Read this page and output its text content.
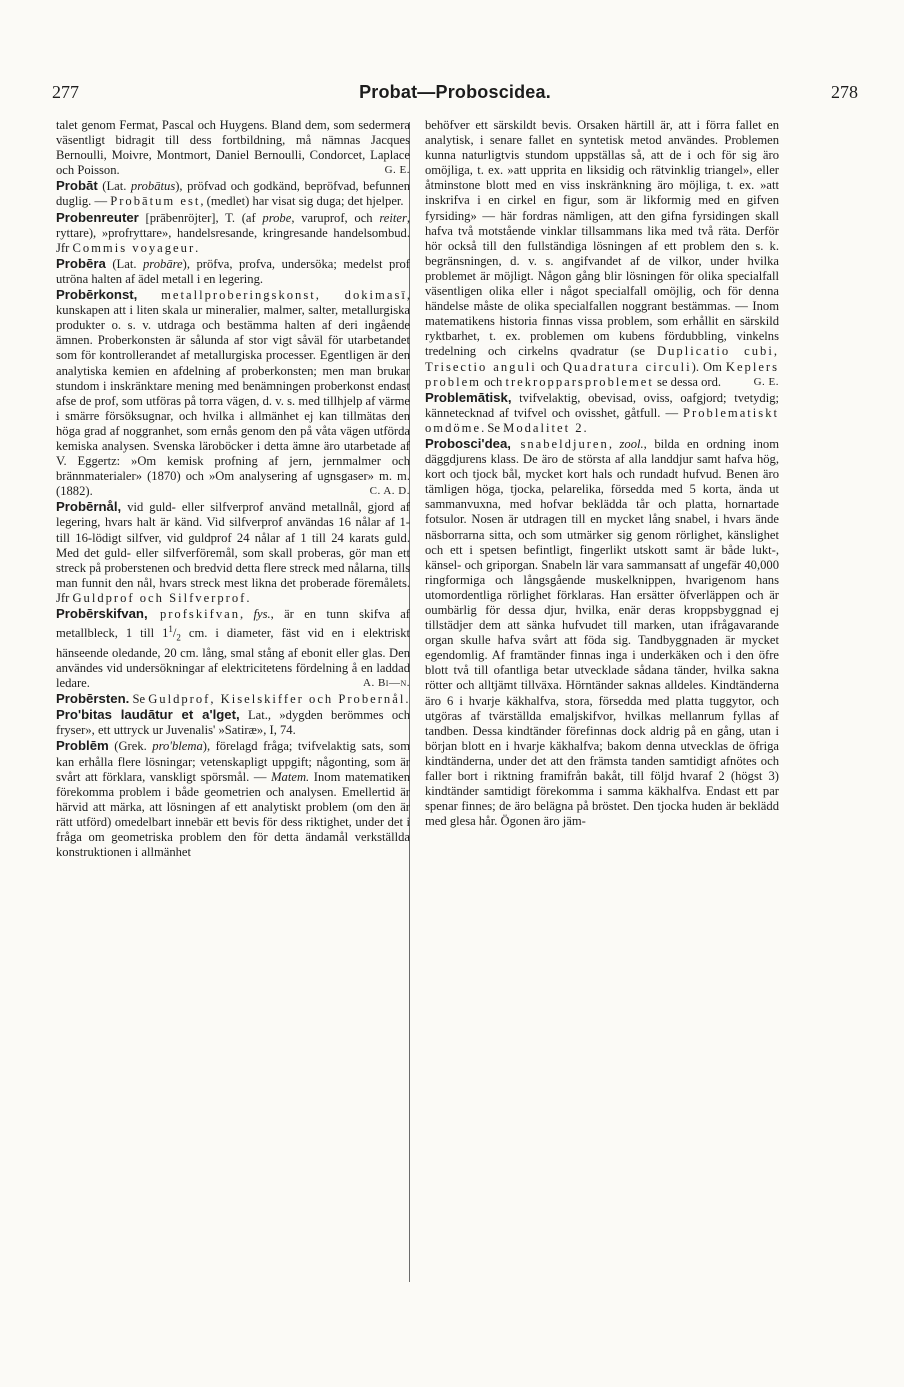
277	Probat—Proboscidea.	278

talet genom Fermat, Pascal och Huygens. Bland dem, som sedermera väsentligt bidragit till dess fortbildning, må nämnas Jacques Bernoulli, Moivre, Montmort, Daniel Bernoulli, Condorcet, Laplace och Poisson.	G. E.

Probāt (Lat. probātus), pröfvad och godkänd, bepröfvad, befunnen duglig. — Probātum est, (medlet) har visat sig duga; det hjelper.

Probenreuter [prābenröjter], T. (af probe, varuprof, och reiter, ryttare), »profryttare», handelsresande, kringresande handelsombud. Jfr Commis voyageur.

Probēra (Lat. probāre), pröfva, profva, undersöka; medelst prof utröna halten af ädel metall i en legering.

Probērkonst, metallproberingskonst, dokimasī, kunskapen att i liten skala ur mineralier, malmer, salter, metallurgiska produkter o. s. v. utdraga och bestämma halten af deri ingående ämnen. Proberkonsten är sålunda af stor vigt såväl för utarbetandet som för kontrollerandet af metallurgiska processer. Egentligen är den analytiska kemien en afdelning af proberkonsten; men man brukar stundom i inskränktare mening med benämningen proberkonst endast afse de prof, som utföras på torra vägen, d. v. s. med tillhjelp af värme i smärre försöksugnar, och hvilka i allmänhet ej kan tillmätas den höga grad af noggranhet, som ernås genom den på våta vägen utförda kemiska analysen. Svenska läroböcker i detta ämne äro utarbetade af V. Eggertz: »Om kemisk profning af jern, jernmalmer och brännmaterialer» (1870) och »Om analysering af ugnsgaser» m. m. (1882).	C. A. D.

Probērnål, vid guld- eller silfverprof använd metallnål, gjord af legering, hvars halt är känd. Vid silfverprof användas 16 nålar af 1- till 16-lödigt silfver, vid guldprof 24 nålar af 1 till 24 karats guld. Med det guld- eller silfverföremål, som skall proberas, gör man ett streck på proberstenen och bredvid detta flere streck med nålarna, tills man funnit den nål, hvars streck mest likna det proberade föremålets. Jfr Guldprof och Silfverprof.

Probērskifvan, profskifvan, fys., är en tunn skifva af metallbleck, 1 till $1^1/_2$ cm. i diameter, fäst vid en i elektriskt hänseende oledande, 20 cm. lång, smal stång af ebonit eller glas. Den användes vid undersökningar af elektricitetens fördelning å en laddad ledare.	A. Bi—n.

Probērsten. Se Guldprof, Kiselskiffer och Probernål.

Pro'bitas laudātur et a'lget, Lat., »dygden berömmes och fryser», ett uttryck ur Juvenalis' »Satiræ», I, 74.

Problēm (Grek. pro'blema), förelagd fråga; tvifvelaktig sats, som kan erhålla flere lösningar; vetenskapligt uppgift; någonting, som är svårt att förklara, vanskligt spörsmål. — Matem. Inom matematiken förekomma problem i både geometrien och analysen. Emellertid är härvid att märka, att lösningen af ett analytiskt problem (om den är rätt utförd) omedelbart innebär ett bevis för dess riktighet, under det i fråga om geometriska problem den för detta ändamål verkställda konstruktionen i allmänhet

behöfver ett särskildt bevis. Orsaken härtill är, att i förra fallet en analytisk, i senare fallet en syntetisk metod användes. Problemen kunna naturligtvis stundom uppställas så, att de i och för sig äro omöjliga, t. ex. »att upprita en liksidig och rätvinklig triangel», eller åtminstone blott med en viss inskränkning äro möjliga, t. ex. »att inskrifva i en cirkel en figur, som är likformig med en gifven fyrsiding» — här fordras nämligen, att den gifna fyrsidingen skall hafva två motstående vinklar tillsammans lika med två räta. Derför hör också till den fullständiga lösningen af ett problem den s. k. begränsningen, d. v. s. angifvandet af de vilkor, under hvilka problemet är möjligt. Någon gång blir lösningen för olika specialfall väsentligen olika eller i något specialfall omöjlig, och för denna händelse måste de olika specialfallen noggrant bestämmas. — Inom matematikens historia finnas vissa problem, som erhållit en särskild ryktbarhet, t. ex. problemen om kubens fördubbling, vinkelns tredelning och cirkelns qvadratur (se Duplicatio cubi, Trisectio anguli och Quadratura circuli). Om Keplers problem och trekropparsproblemet se dessa ord.	G. E.

Problemātisk, tvifvelaktig, obevisad, oviss, oafgjord; tvetydig; kännetecknad af tvifvel och ovisshet, gåtfull. — Problematiskt omdöme. Se Modalitet 2.

Probosci'dea, snabeldjuren, zool., bilda en ordning inom däggdjurens klass. De äro de största af alla landdjur samt hafva hög, kort och tjock bål, mycket kort hals och rundadt hufvud. Benen äro tämligen höga, tjocka, pelarelika, försedda med 5 korta, ända ut sammanvuxna, med hofvar beklädda tår och platta, hornartade fotsulor. Nosen är utdragen till en mycket lång snabel, i hvars ände näsborrarna sitta, och som utmärker sig genom rörlighet, känslighet och ett i spetsen befintligt, fingerlikt utskott samt är både lukt-, känsel- och griporgan. Snabeln lär vara sammansatt af ungefär 40,000 ringformiga och långsgående muskelknippen, hvarigenom hans utomordentliga rörlighet förklaras. Han ersätter öfverläppen och är oumbärlig för dessa djur, hvilka, enär deras kroppsbyggnad ej tillstädjer dem att sänka hufvudet till marken, utan ifrågavarande organ skulle hafva svårt att föda sig. Tandbyggnaden är mycket egendomlig. Af framtänder finnas inga i underkäken och i den öfre blott två till ofantliga betar utvecklade sådana tänder, hvilka sakna rötter och alltjämt tillväxa. Hörntänder saknas alldeles. Kindtänderna äro 6 i hvarje käkhalfva, stora, försedda med platta tuggytor, och utgöras af tvärställda emaljskifvor, hvilkas mellanrum fyllas af tandben. Dessa kindtänder förefinnas dock aldrig på en gång, utan i början blott en i hvarje käkhalfva; bakom denna utvecklas de öfriga kindtänderna, under det att den främsta tanden samtidigt afnötes och faller bort i riktning framifrån bakåt, till följd hvaraf 2 (högst 3) kindtänder samtidigt förekomma i samma käkhalfva. Endast ett par spenar finnes; de äro belägna på bröstet. Den tjocka huden är beklädd med glesa hår. Ögonen äro jäm-
